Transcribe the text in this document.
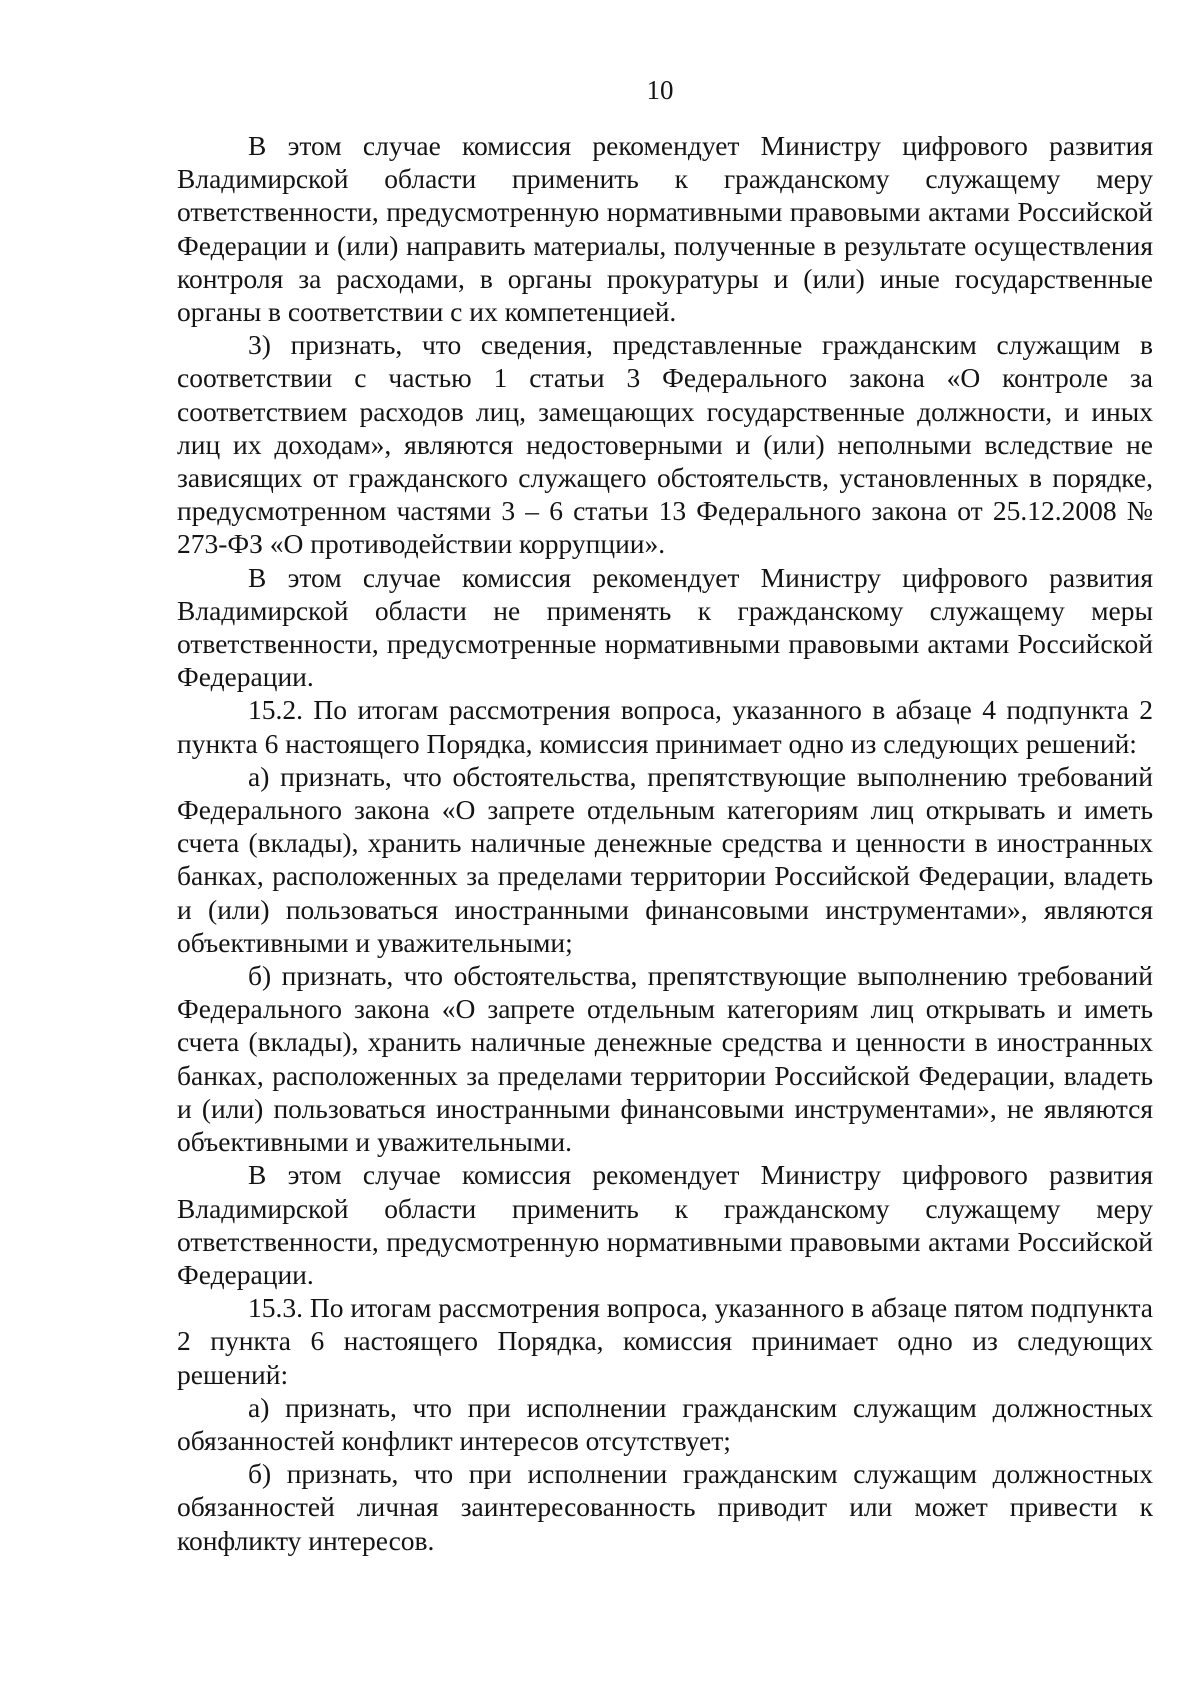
10

В этом случае комиссия рекомендует Министру цифрового развития Владимирской области применить к гражданскому служащему меру ответственности, предусмотренную нормативными правовыми актами Российской Федерации и (или) направить материалы, полученные в результате осуществления контроля за расходами, в органы прокуратуры и (или) иные государственные органы в соответствии с их компетенцией.

3) признать, что сведения, представленные гражданским служащим в соответствии с частью 1 статьи 3 Федерального закона «О контроле за соответствием расходов лиц, замещающих государственные должности, и иных лиц их доходам», являются недостоверными и (или) неполными вследствие не зависящих от гражданского служащего обстоятельств, установленных в порядке, предусмотренном частями 3 – 6 статьи 13 Федерального закона от 25.12.2008 № 273-ФЗ «О противодействии коррупции».

В этом случае комиссия рекомендует Министру цифрового развития Владимирской области не применять к гражданскому служащему меры ответственности, предусмотренные нормативными правовыми актами Российской Федерации.

15.2. По итогам рассмотрения вопроса, указанного в абзаце 4 подпункта 2 пункта 6 настоящего Порядка, комиссия принимает одно из следующих решений:

а) признать, что обстоятельства, препятствующие выполнению требований Федерального закона «О запрете отдельным категориям лиц открывать и иметь счета (вклады), хранить наличные денежные средства и ценности в иностранных банках, расположенных за пределами территории Российской Федерации, владеть и (или) пользоваться иностранными финансовыми инструментами», являются объективными и уважительными;

б) признать, что обстоятельства, препятствующие выполнению требований Федерального закона «О запрете отдельным категориям лиц открывать и иметь счета (вклады), хранить наличные денежные средства и ценности в иностранных банках, расположенных за пределами территории Российской Федерации, владеть и (или) пользоваться иностранными финансовыми инструментами», не являются объективными и уважительными.

В этом случае комиссия рекомендует Министру цифрового развития Владимирской области применить к гражданскому служащему меру ответственности, предусмотренную нормативными правовыми актами Российской Федерации.

15.3. По итогам рассмотрения вопроса, указанного в абзаце пятом подпункта 2 пункта 6 настоящего Порядка, комиссия принимает одно из следующих решений:

а) признать, что при исполнении гражданским служащим должностных обязанностей конфликт интересов отсутствует;

б) признать, что при исполнении гражданским служащим должностных обязанностей личная заинтересованность приводит или может привести к конфликту интересов.
